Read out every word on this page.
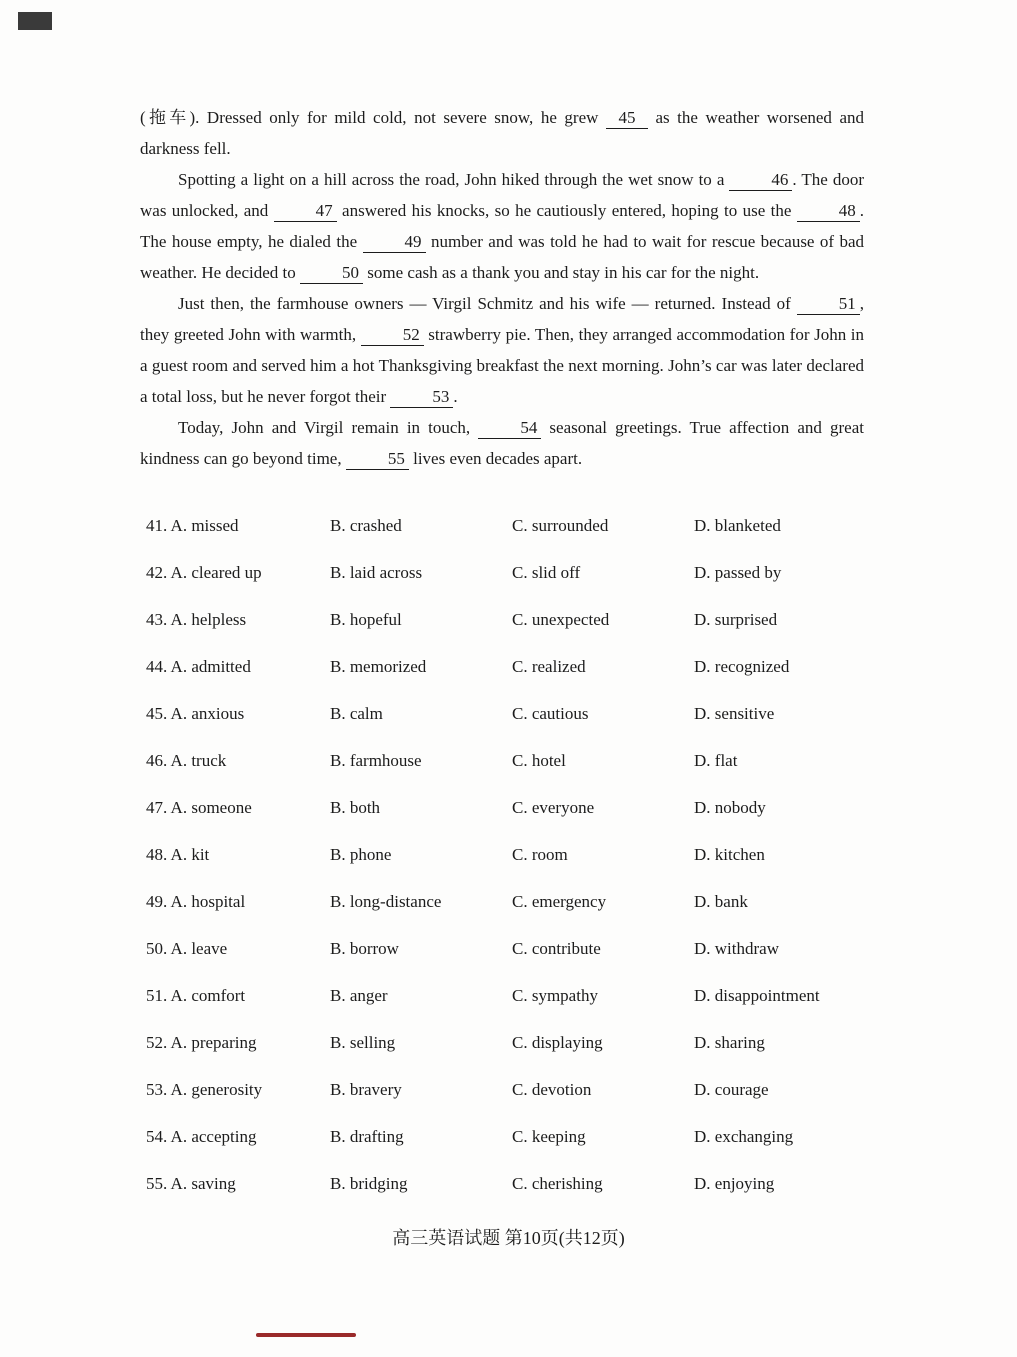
(拖车). Dressed only for mild cold, not severe snow, he grew 45 as the weather worsened and darkness fell.

Spotting a light on a hill across the road, John hiked through the wet snow to a 46 . The door was unlocked, and 47 answered his knocks, so he cautiously entered, hoping to use the 48 . The house empty, he dialed the 49 number and was told he had to wait for rescue because of bad weather. He decided to 50 some cash as a thank you and stay in his car for the night.

Just then, the farmhouse owners — Virgil Schmitz and his wife — returned. Instead of 51 , they greeted John with warmth, 52 strawberry pie. Then, they arranged accommodation for John in a guest room and served him a hot Thanksgiving breakfast the next morning. John’s car was later declared a total loss, but he never forgot their 53 .

Today, John and Virgil remain in touch, 54 seasonal greetings. True affection and great kindness can go beyond time, 55 lives even decades apart.

41. A. missed	B. crashed	C. surrounded	D. blanketed
42. A. cleared up	B. laid across	C. slid off	D. passed by
43. A. helpless	B. hopeful	C. unexpected	D. surprised
44. A. admitted	B. memorized	C. realized	D. recognized
45. A. anxious	B. calm	C. cautious	D. sensitive
46. A. truck	B. farmhouse	C. hotel	D. flat
47. A. someone	B. both	C. everyone	D. nobody
48. A. kit	B. phone	C. room	D. kitchen
49. A. hospital	B. long-distance	C. emergency	D. bank
50. A. leave	B. borrow	C. contribute	D. withdraw
51. A. comfort	B. anger	C. sympathy	D. disappointment
52. A. preparing	B. selling	C. displaying	D. sharing
53. A. generosity	B. bravery	C. devotion	D. courage
54. A. accepting	B. drafting	C. keeping	D. exchanging
55. A. saving	B. bridging	C. cherishing	D. enjoying
高三英语试题 第10页(共12页)
